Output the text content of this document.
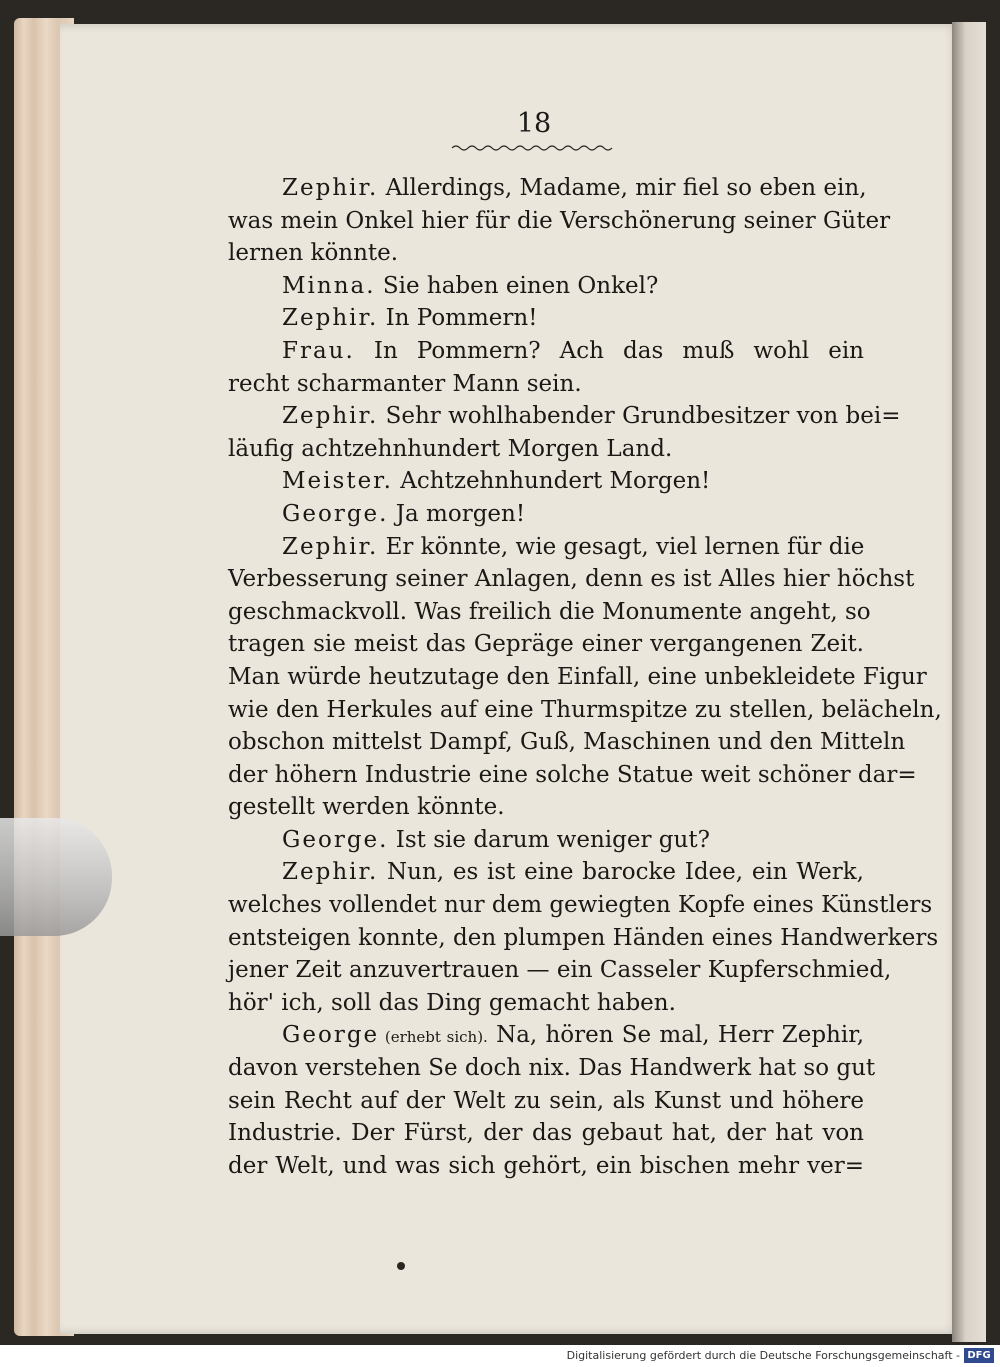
18
Zephir. Allerdings, Madame, mir fiel so eben ein,
was mein Onkel hier für die Verschönerung seiner Güter
lernen könnte.
Minna. Sie haben einen Onkel?
Zephir. In Pommern!
Frau. In Pommern? Ach das muß wohl ein
recht scharmanter Mann sein.
Zephir. Sehr wohlhabender Grundbesitzer von bei=
läufig achtzehnhundert Morgen Land.
Meister. Achtzehnhundert Morgen!
George. Ja morgen!
Zephir. Er könnte, wie gesagt, viel lernen für die
Verbesserung seiner Anlagen, denn es ist Alles hier höchst
geschmackvoll. Was freilich die Monumente angeht, so
tragen sie meist das Gepräge einer vergangenen Zeit.
Man würde heutzutage den Einfall, eine unbekleidete Figur
wie den Herkules auf eine Thurmspitze zu stellen, belächeln,
obschon mittelst Dampf, Guß, Maschinen und den Mitteln
der höhern Industrie eine solche Statue weit schöner dar=
gestellt werden könnte.
George. Ist sie darum weniger gut?
Zephir. Nun, es ist eine barocke Idee, ein Werk,
welches vollendet nur dem gewiegten Kopfe eines Künstlers
entsteigen konnte, den plumpen Händen eines Handwerkers
jener Zeit anzuvertrauen — ein Casseler Kupferschmied,
hör' ich, soll das Ding gemacht haben.
George (erhebt sich). Na, hören Se mal, Herr Zephir,
davon verstehen Se doch nix. Das Handwerk hat so gut
sein Recht auf der Welt zu sein, als Kunst und höhere
Industrie. Der Fürst, der das gebaut hat, der hat von
der Welt, und was sich gehört, ein bischen mehr ver=
Digitalisierung gefördert durch die Deutsche Forschungsgemeinschaft - DFG
